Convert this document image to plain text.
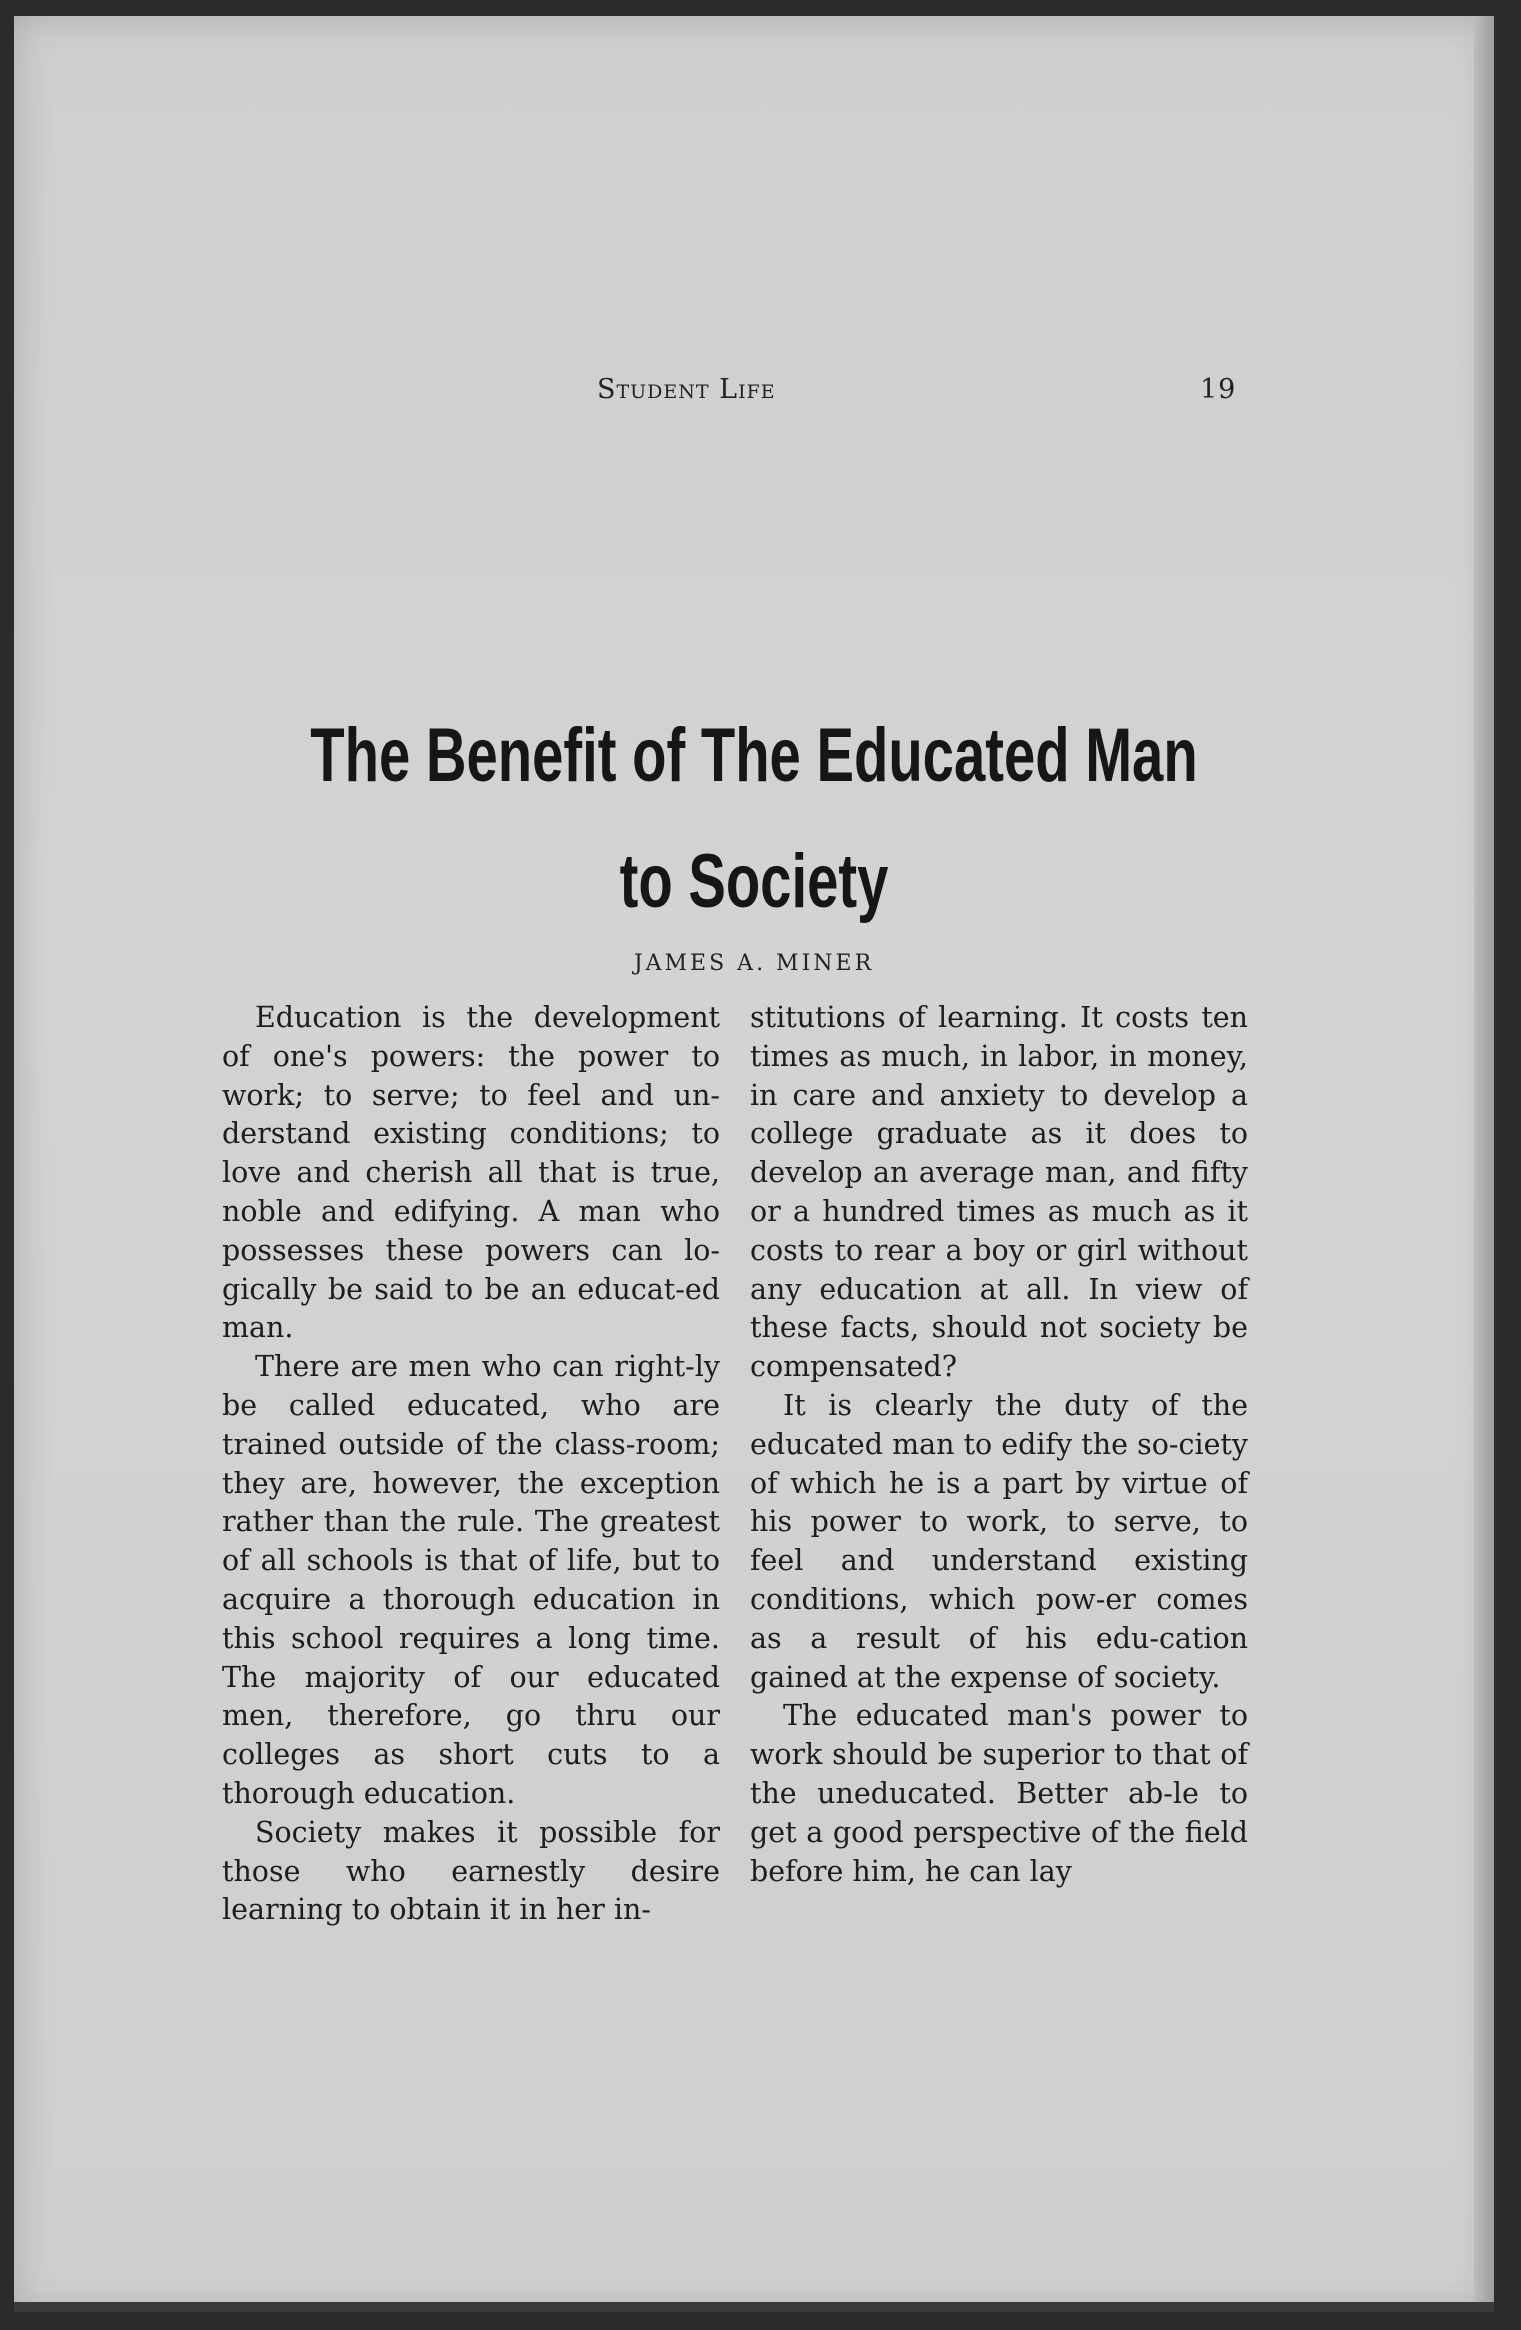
Student Life	19
The Benefit of The Educated Man
to Society
JAMES A. MINER

Education is the development of one's powers: the power to work; to serve; to feel and un-derstand existing conditions; to love and cherish all that is true, noble and edifying. A man who possesses these powers can lo-gically be said to be an educat-ed man.

There are men who can right-ly be called educated, who are trained outside of the class-room; they are, however, the exception rather than the rule. The greatest of all schools is that of life, but to acquire a thorough education in this school requires a long time. The majority of our educated men, therefore, go thru our colleges as short cuts to a thorough education.

Society makes it possible for those who earnestly desire learning to obtain it in her in-

stitutions of learning. It costs ten times as much, in labor, in money, in care and anxiety to develop a college graduate as it does to develop an average man, and fifty or a hundred times as much as it costs to rear a boy or girl without any education at all. In view of these facts, should not society be compensated?

It is clearly the duty of the educated man to edify the so-ciety of which he is a part by virtue of his power to work, to serve, to feel and understand existing conditions, which pow-er comes as a result of his edu-cation gained at the expense of society.

The educated man's power to work should be superior to that of the uneducated. Better ab-le to get a good perspective of the field before him, he can lay
